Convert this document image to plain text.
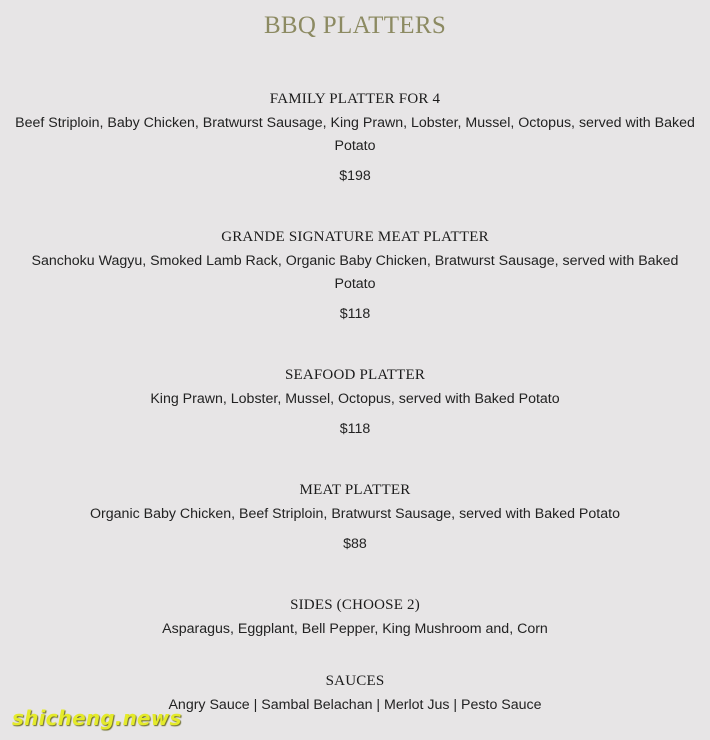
BBQ PLATTERS
FAMILY PLATTER FOR 4
Beef Striploin, Baby Chicken, Bratwurst Sausage, King Prawn, Lobster, Mussel, Octopus, served with Baked Potato
$198
GRANDE SIGNATURE MEAT PLATTER
Sanchoku Wagyu, Smoked Lamb Rack, Organic Baby Chicken, Bratwurst Sausage, served with Baked Potato
$118
SEAFOOD PLATTER
King Prawn, Lobster, Mussel, Octopus, served with Baked Potato
$118
MEAT PLATTER
Organic Baby Chicken, Beef Striploin, Bratwurst Sausage, served with Baked Potato
$88
SIDES (CHOOSE 2)
Asparagus, Eggplant, Bell Pepper, King Mushroom and, Corn
SAUCES
Angry Sauce | Sambal Belachan | Merlot Jus | Pesto Sauce
shicheng.news
